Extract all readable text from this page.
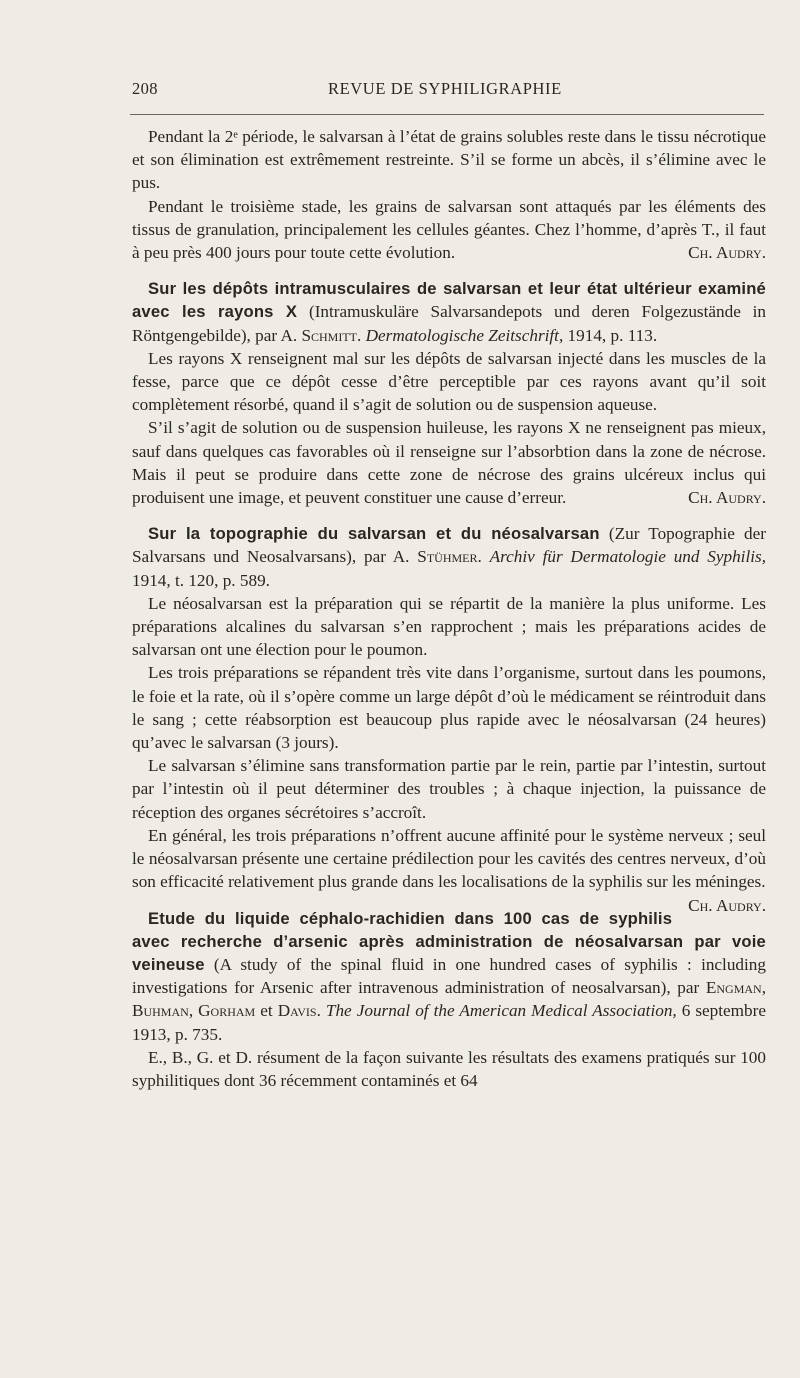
208	REVUE DE SYPHILIGRAPHIE

Pendant la 2ᵉ période, le salvarsan à l’état de grains solubles reste dans le tissu nécrotique et son élimination est extrêmement restreinte. S’il se forme un abcès, il s’élimine avec le pus.

Pendant le troisième stade, les grains de salvarsan sont attaqués par les éléments des tissus de granulation, principalement les cellules géantes. Chez l’homme, d’après T., il faut à peu près 400 jours pour toute cette évolution.	Ch. Audry.

Sur les dépôts intramusculaires de salvarsan et leur état ultérieur examiné avec les rayons X (Intramuskuläre Salvarsandepots und deren Folgezustände in Röntgengebilde), par A. Schmitt. Dermatologische Zeitschrift, 1914, p. 113.

Les rayons X renseignent mal sur les dépôts de salvarsan injecté dans les muscles de la fesse, parce que ce dépôt cesse d’être perceptible par ces rayons avant qu’il soit complètement résorbé, quand il s’agit de solution ou de suspension aqueuse.

S’il s’agit de solution ou de suspension huileuse, les rayons X ne renseignent pas mieux, sauf dans quelques cas favorables où il renseigne sur l’absorbtion dans la zone de nécrose. Mais il peut se produire dans cette zone de nécrose des grains ulcéreux inclus qui produisent une image, et peuvent constituer une cause d’erreur.	Ch. Audry.

Sur la topographie du salvarsan et du néosalvarsan (Zur Topographie der Salvarsans und Neosalvarsans), par A. Stühmer. Archiv für Dermatologie und Syphilis, 1914, t. 120, p. 589.

Le néosalvarsan est la préparation qui se répartit de la manière la plus uniforme. Les préparations alcalines du salvarsan s’en rapprochent ; mais les préparations acides de salvarsan ont une élection pour le poumon.

Les trois préparations se répandent très vite dans l’organisme, surtout dans les poumons, le foie et la rate, où il s’opère comme un large dépôt d’où le médicament se réintroduit dans le sang ; cette réabsorption est beaucoup plus rapide avec le néosalvarsan (24 heures) qu’avec le salvarsan (3 jours).

Le salvarsan s’élimine sans transformation partie par le rein, partie par l’intestin, surtout par l’intestin où il peut déterminer des troubles ; à chaque injection, la puissance de réception des organes sécrétoires s’accroît.

En général, les trois préparations n’offrent aucune affinité pour le système nerveux ; seul le néosalvarsan présente une certaine prédilection pour les cavités des centres nerveux, d’où son efficacité relativement plus grande dans les localisations de la syphilis sur les méninges.
Ch. Audry.

Etude du liquide céphalo-rachidien dans 100 cas de syphilis avec recherche d’arsenic après administration de néosalvarsan par voie veineuse (A study of the spinal fluid in one hundred cases of syphilis : including investigations for Arsenic after intravenous administration of neosalvarsan), par Engman, Buhman, Gorham et Davis. The Journal of the American Medical Association, 6 septembre 1913, p. 735.

E., B., G. et D. résument de la façon suivante les résultats des examens pratiqués sur 100 syphilitiques dont 36 récemment contaminés et 64
